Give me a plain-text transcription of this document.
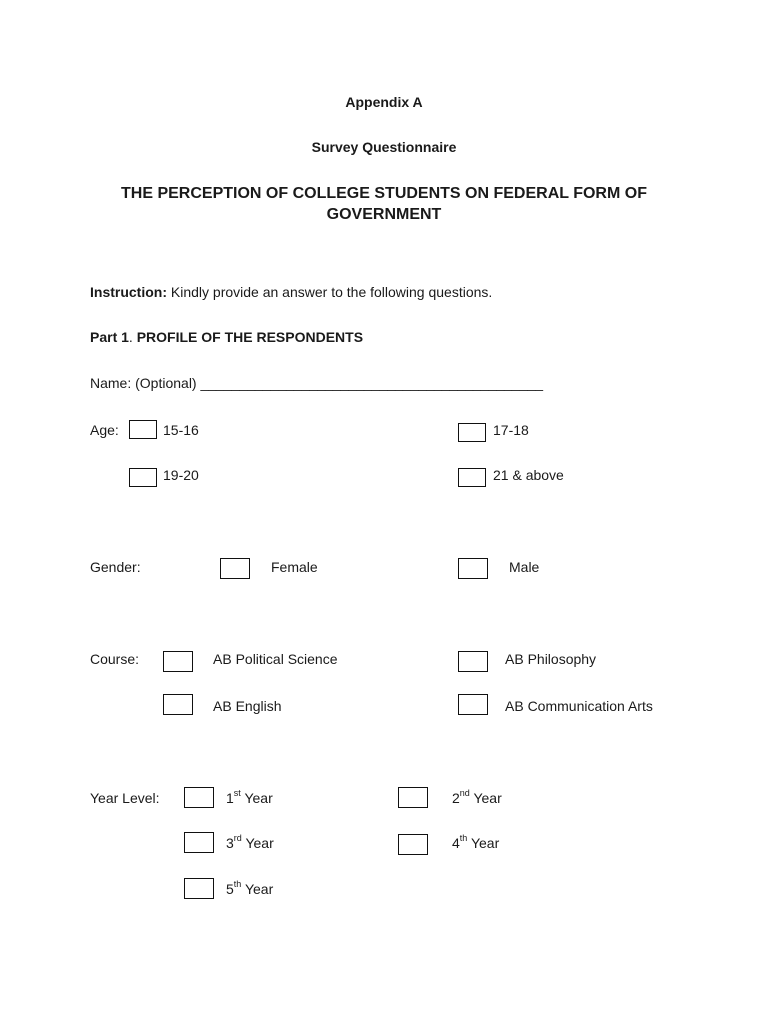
Appendix A
Survey Questionnaire
THE PERCEPTION OF COLLEGE STUDENTS ON FEDERAL FORM OF
GOVERNMENT
Instruction: Kindly provide an answer to the following questions.
Part 1. PROFILE OF THE RESPONDENTS
Name: (Optional) ____________________________________________
Age:	15-16	17-18
19-20	21 & above
Gender:	Female	Male
Course:	AB Political Science	AB Philosophy
AB English	AB Communication Arts
Year Level:	1st Year	2nd Year
3rd Year	4th Year
5th Year
